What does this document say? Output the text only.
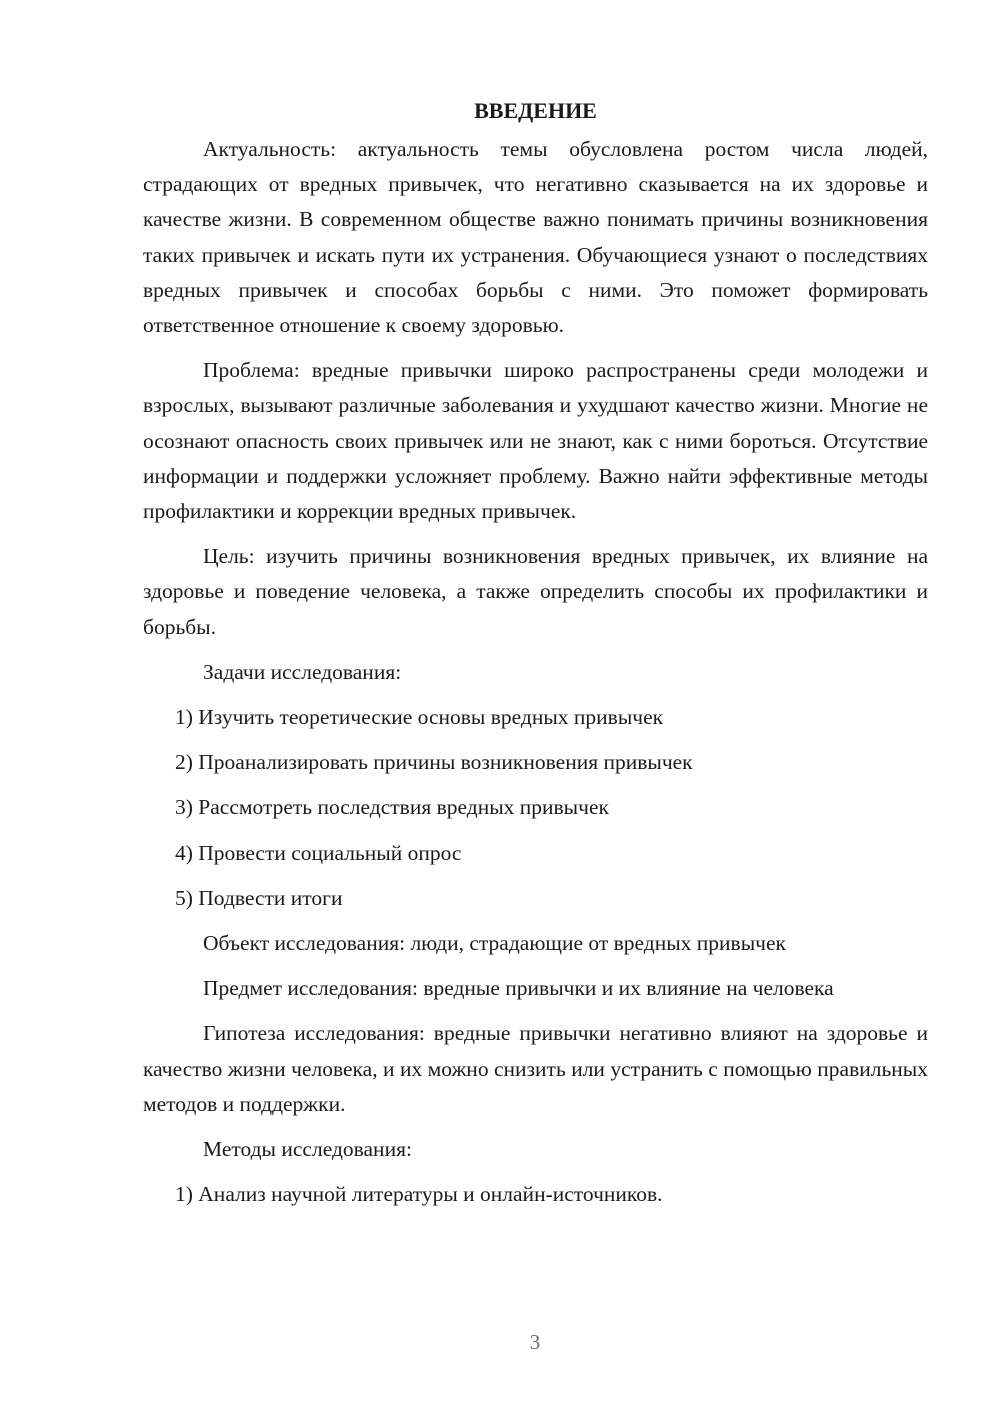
ВВЕДЕНИЕ

Актуальность: актуальность темы обусловлена ростом числа людей, страдающих от вредных привычек, что негативно сказывается на их здоровье и качестве жизни. В современном обществе важно понимать причины возникновения таких привычек и искать пути их устранения. Обучающиеся узнают о последствиях вредных привычек и способах борьбы с ними. Это поможет формировать ответственное отношение к своему здоровью.

Проблема: вредные привычки широко распространены среди молодежи и взрослых, вызывают различные заболевания и ухудшают качество жизни. Многие не осознают опасность своих привычек или не знают, как с ними бороться. Отсутствие информации и поддержки усложняет проблему. Важно найти эффективные методы профилактики и коррекции вредных привычек.

Цель: изучить причины возникновения вредных привычек, их влияние на здоровье и поведение человека, а также определить способы их профилактики и борьбы.

Задачи исследования:
1) Изучить теоретические основы вредных привычек
2) Проанализировать причины возникновения привычек
3) Рассмотреть последствия вредных привычек
4) Провести социальный опрос
5) Подвести итоги
Объект исследования: люди, страдающие от вредных привычек
Предмет исследования: вредные привычки и их влияние на человека

Гипотеза исследования: вредные привычки негативно влияют на здоровье и качество жизни человека, и их можно снизить или устранить с помощью правильных методов и поддержки.

Методы исследования:
1) Анализ научной литературы и онлайн-источников.
3
